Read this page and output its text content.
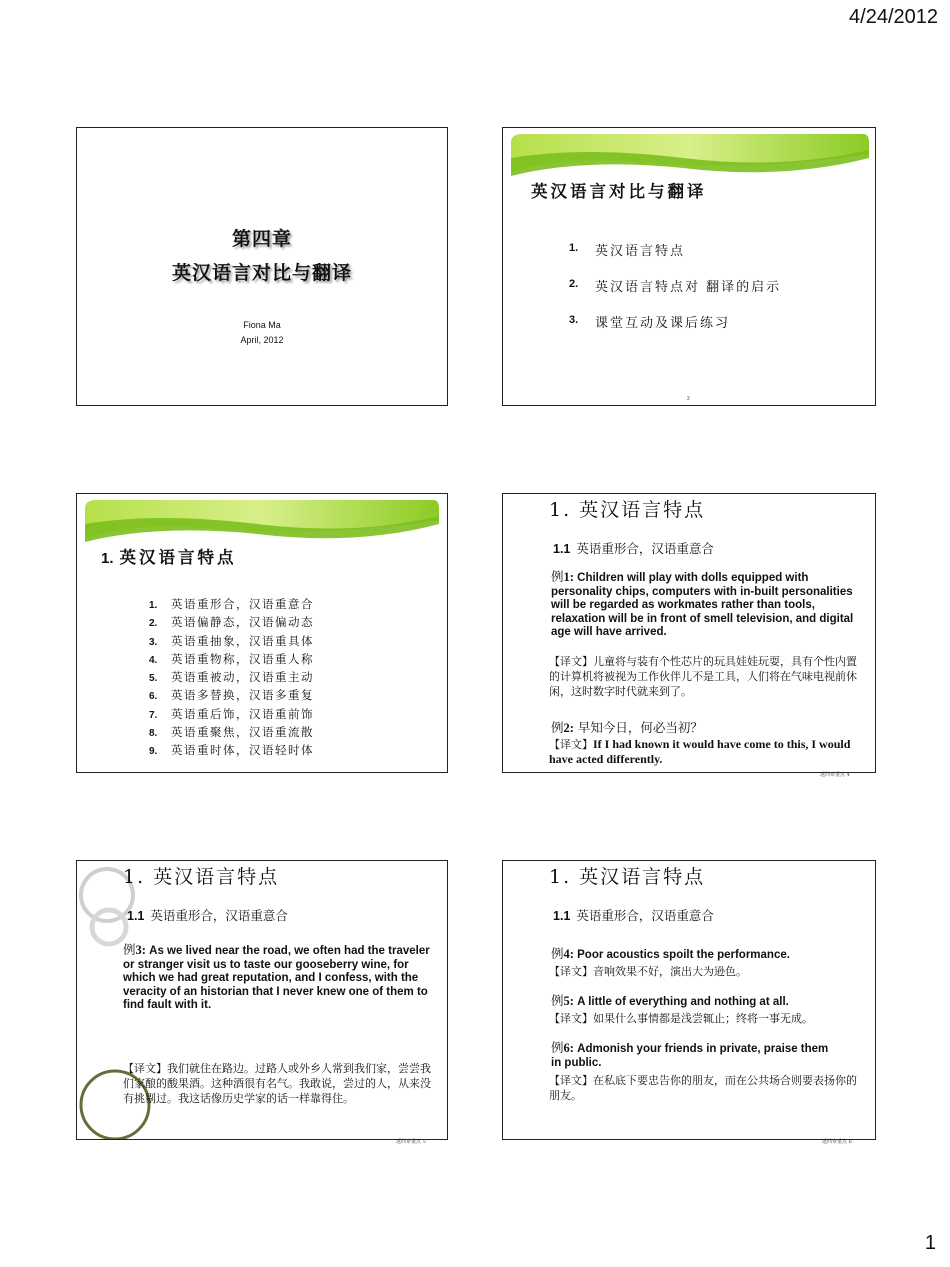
4/24/2012
第四章
英汉语言对比与翻译
Fiona Ma
April, 2012
英汉语言对比与翻译
1.	英汉语言特点
2.	英汉语言特点对 翻译的启示
3.	课堂互动及课后练习
2
1. 英汉语言特点
1.	英语重形合，汉语重意合
2.	英语偏静态，汉语偏动态
3.	英语重抽象，汉语重具体
4.	英语重物称，汉语重人称
5.	英语重被动，汉语重主动
6.	英语多替换，汉语多重复
7.	英语重后饰，汉语重前饰
8.	英语重聚焦，汉语重流散
9.	英语重时体，汉语轻时体
1. 英汉语言特点
1.1 英语重形合，汉语重意合
例1: Children will play with dolls equipped with personality chips, computers with in-built personalities will be regarded as workmates rather than tools, relaxation will be in front of smell television, and digital age will have arrived.
【译文】儿童将与装有个性芯片的玩具娃娃玩耍，具有个性内置的计算机将被视为工作伙伴儿不是工具，人们将在气味电视前休闲，这时数字时代就来到了。
例2: 早知今日，何必当初？
【译文】If I had known it would have come to this, I would have acted differently.
返回章重点 4
1. 英汉语言特点
1.1 英语重形合，汉语重意合
例3: As we lived near the road, we often had the traveler or stranger visit us to taste our gooseberry wine, for which we had great reputation, and I confess, with the veracity of an historian that I never knew one of them to find fault with it.
【译文】我们就住在路边。过路人或外乡人常到我们家，尝尝我们家酿的酸果酒。这种酒很有名气。我敢说，尝过的人，从来没有挑剔过。我这话像历史学家的话一样靠得住。
返回章重点 5
1. 英汉语言特点
1.1 英语重形合，汉语重意合
例4: Poor acoustics spoilt the performance.
【译文】音响效果不好，演出大为逊色。
例5: A little of everything and nothing at all.
【译文】如果什么事情都是浅尝辄止；终将一事无成。
例6: Admonish your friends in private, praise them in public.
【译文】在私底下要忠告你的朋友，而在公共场合则要表扬你的朋友。
返回章重点 6
1
